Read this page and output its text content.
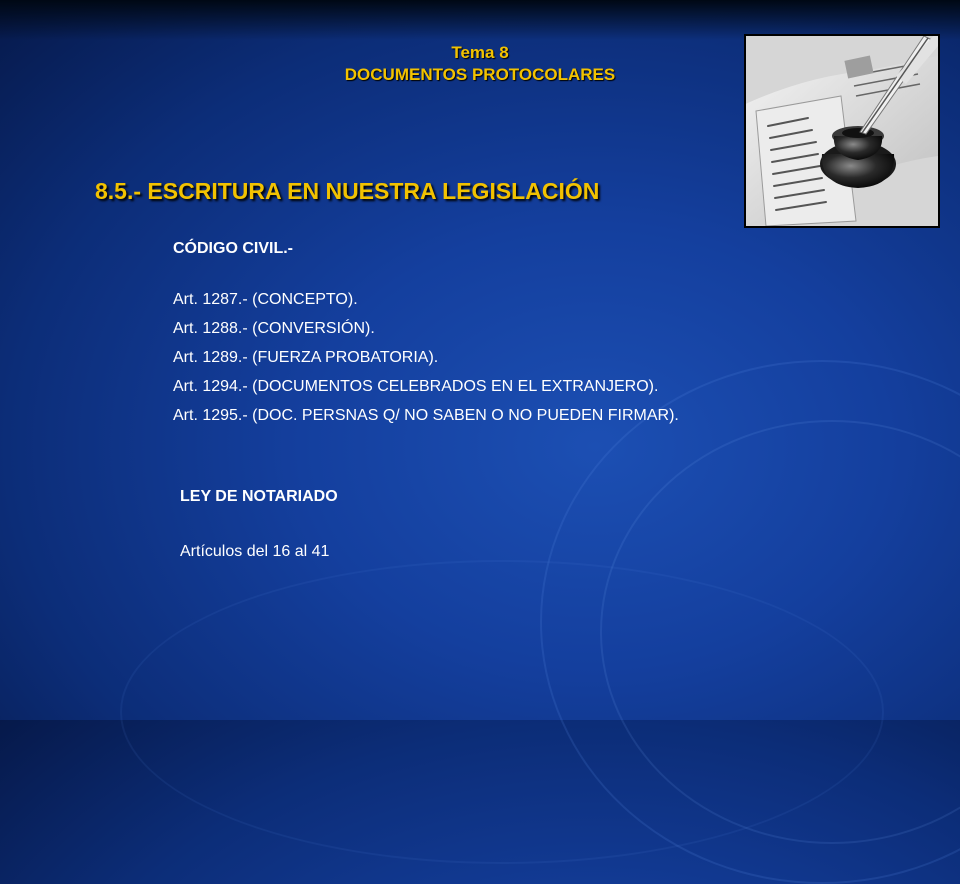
Tema 8
DOCUMENTOS PROTOCOLARES
8.5.- ESCRITURA EN NUESTRA LEGISLACIÓN
CÓDIGO CIVIL.-
Art. 1287.- (CONCEPTO).
Art. 1288.- (CONVERSIÓN).
Art. 1289.- (FUERZA PROBATORIA).
Art. 1294.- (DOCUMENTOS CELEBRADOS EN EL EXTRANJERO).
Art. 1295.- (DOC. PERSNAS Q/ NO SABEN O NO PUEDEN FIRMAR).
LEY DE NOTARIADO
Artículos del 16 al 41
